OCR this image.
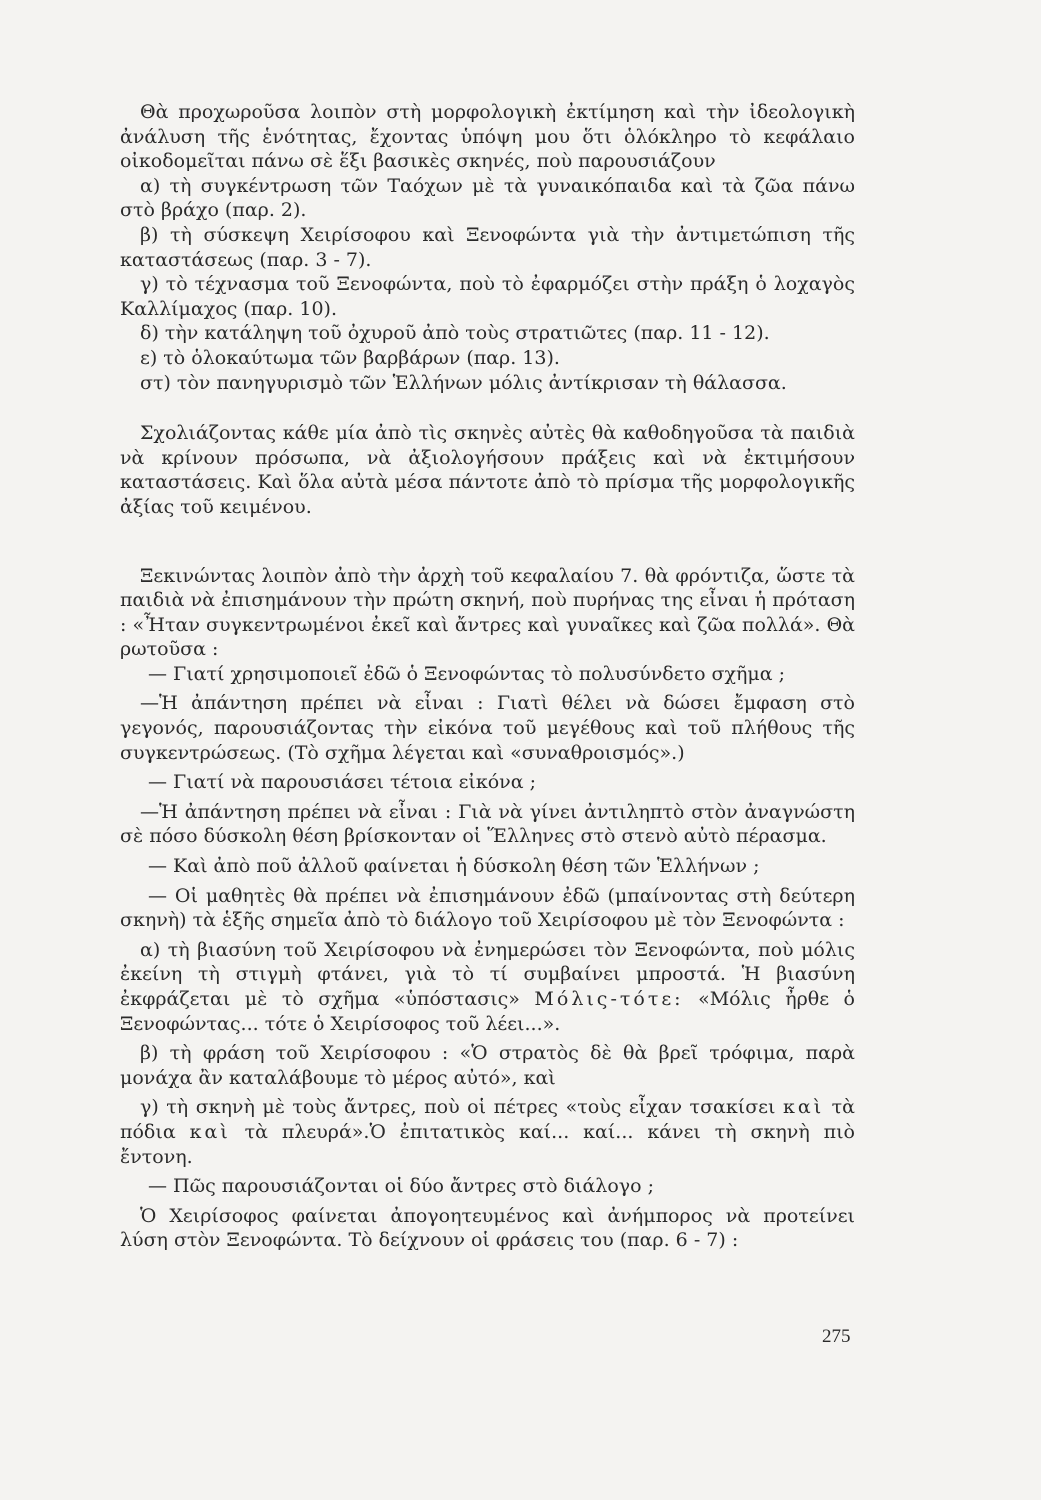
Θὰ προχωροῦσα λοιπὸν στὴ μορφολογικὴ ἐκτίμηση καὶ τὴν ἰδεολογικὴ ἀνάλυση τῆς ἑνότητας, ἔχοντας ὑπόψη μου ὅτι ὁλόκληρο τὸ κεφάλαιο οἰκοδομεῖται πάνω σὲ ἕξι βασικὲς σκηνές, ποὺ παρουσιάζουν

α) τὴ συγκέντρωση τῶν Ταόχων μὲ τὰ γυναικόπαιδα καὶ τὰ ζῶα πάνω στὸ βράχο (παρ. 2).

β) τὴ σύσκεψη Χειρίσοφου καὶ Ξενοφώντα γιὰ τὴν ἀντιμετώπιση τῆς καταστάσεως (παρ. 3 - 7).

γ) τὸ τέχνασμα τοῦ Ξενοφώντα, ποὺ τὸ ἐφαρμόζει στὴν πράξη ὁ λοχαγὸς Καλλίμαχος (παρ. 10).

δ) τὴν κατάληψη τοῦ ὀχυροῦ ἀπὸ τοὺς στρατιῶτες (παρ. 11 - 12).

ε) τὸ ὁλοκαύτωμα τῶν βαρβάρων (παρ. 13).

στ) τὸν πανηγυρισμὸ τῶν Ἑλλήνων μόλις ἀντίκρισαν τὴ θάλασσα.

Σχολιάζοντας κάθε μία ἀπὸ τὶς σκηνὲς αὐτὲς θὰ καθοδηγοῦσα τὰ παιδιὰ νὰ κρίνουν πρόσωπα, νὰ ἀξιολογήσουν πράξεις καὶ νὰ ἐκτιμήσουν καταστάσεις. Καὶ ὅλα αὐτὰ μέσα πάντοτε ἀπὸ τὸ πρίσμα τῆς μορφολογικῆς ἀξίας τοῦ κειμένου.

Ξεκινώντας λοιπὸν ἀπὸ τὴν ἀρχὴ τοῦ κεφαλαίου 7. θὰ φρόντιζα, ὥστε τὰ παιδιὰ νὰ ἐπισημάνουν τὴν πρώτη σκηνή, ποὺ πυρήνας της εἶναι ἡ πρόταση : «Ἦταν συγκεντρωμένοι ἐκεῖ καὶ ἄντρες καὶ γυναῖκες καὶ ζῶα πολλά». Θὰ ρωτοῦσα :

— Γιατί χρησιμοποιεῖ ἐδῶ ὁ Ξενοφώντας τὸ πολυσύνδετο σχῆμα ;

—Ἡ ἀπάντηση πρέπει νὰ εἶναι : Γιατὶ θέλει νὰ δώσει ἔμφαση στὸ γεγονός, παρουσιάζοντας τὴν εἰκόνα τοῦ μεγέθους καὶ τοῦ πλήθους τῆς συγκεντρώσεως. (Τὸ σχῆμα λέγεται καὶ «συναθροισμός».)

— Γιατί νὰ παρουσιάσει τέτοια εἰκόνα ;

—Ἡ ἀπάντηση πρέπει νὰ εἶναι : Γιὰ νὰ γίνει ἀντιληπτὸ στὸν ἀναγνώστη σὲ πόσο δύσκολη θέση βρίσκονταν οἱ Ἕλληνες στὸ στενὸ αὐτὸ πέρασμα.

— Καὶ ἀπὸ ποῦ ἀλλοῦ φαίνεται ἡ δύσκολη θέση τῶν Ἑλλήνων ;

— Οἱ μαθητὲς θὰ πρέπει νὰ ἐπισημάνουν ἐδῶ (μπαίνοντας στὴ δεύτερη σκηνὴ) τὰ ἑξῆς σημεῖα ἀπὸ τὸ διάλογο τοῦ Χειρίσοφου μὲ τὸν Ξενοφώντα :

α) τὴ βιασύνη τοῦ Χειρίσοφου νὰ ἐνημερώσει τὸν Ξενοφώντα, ποὺ μόλις ἐκείνη τὴ στιγμὴ φτάνει, γιὰ τὸ τί συμβαίνει μπροστά. Ἡ βιασύνη ἐκφράζεται μὲ τὸ σχῆμα «ὑπόστασις» Μόλις-τότε: «Μόλις ἦρθε ὁ Ξενοφώντας... τότε ὁ Χειρίσοφος τοῦ λέει...».

β) τὴ φράση τοῦ Χειρίσοφου : «Ὁ στρατὸς δὲ θὰ βρεῖ τρόφιμα, παρὰ μονάχα ἂν καταλάβουμε τὸ μέρος αὐτό», καὶ

γ) τὴ σκηνὴ μὲ τοὺς ἄντρες, ποὺ οἱ πέτρες «τοὺς εἶχαν τσακίσει καὶ τὰ πόδια καὶ τὰ πλευρά».Ὁ ἐπιτατικὸς καί... καί... κάνει τὴ σκηνὴ πιὸ ἔντονη.

— Πῶς παρουσιάζονται οἱ δύο ἄντρες στὸ διάλογο ;

Ὁ Χειρίσοφος φαίνεται ἀπογοητευμένος καὶ ἀνήμπορος νὰ προτείνει λύση στὸν Ξενοφώντα. Τὸ δείχνουν οἱ φράσεις του (παρ. 6 - 7) :

275
